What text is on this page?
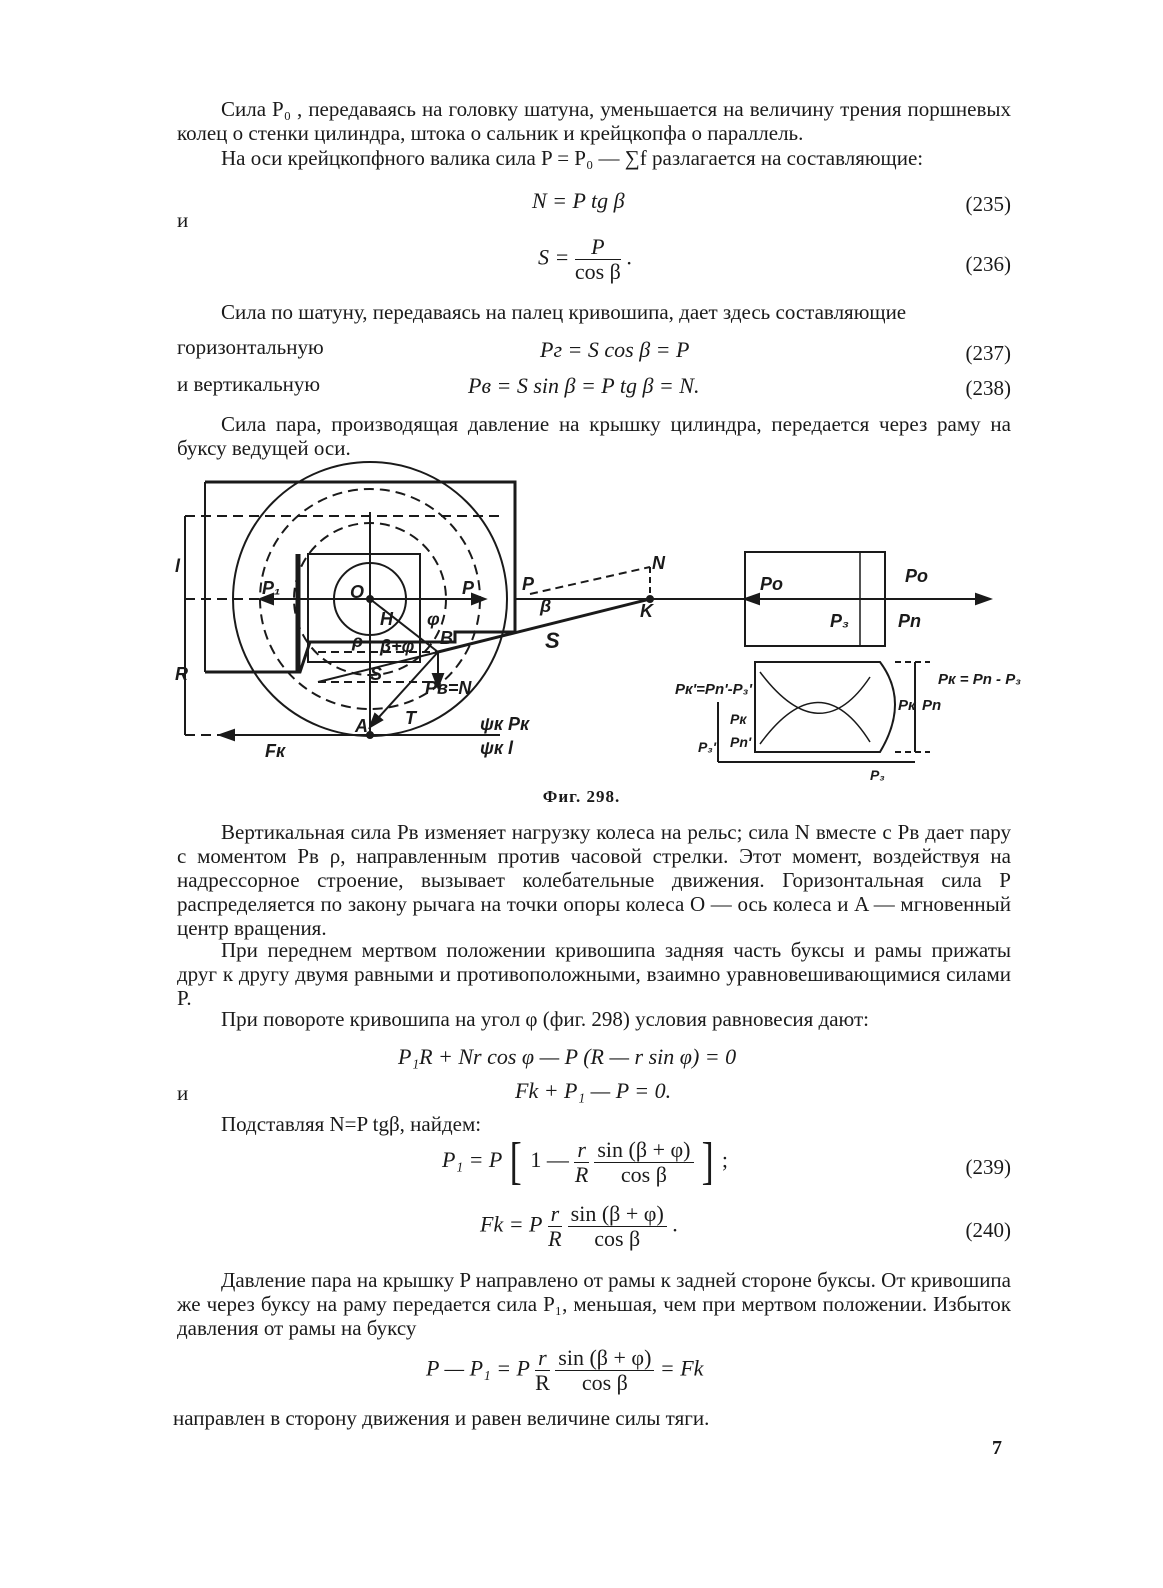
Сила P₀ , передаваясь на головку шатуна, уменьшается на величину трения поршневых колец о стенки цилиндра, штока о сальник и крейцкопфа о параллель.

На оси крейцкопфного валика сила P = P₀ — ∑f разлагается на составляющие:

N = P tg β	(235)
и
$S = \frac{P}{\text{cos β}}$ .	(236)

Сила по шатуну, передаваясь на палец кривошипа, дает здесь составляющие

горизонтальную	Pг = S cos β = P	(237)
и вертикальную	Pв = S sin β = P tg β = N.	(238)

Сила пара, производящая давление на крышку цилиндра, передается через раму на буксу ведущей оси.

l
R
P₁	O	P
H φ
ρ β+φ B
S
Pв=N
T
A
Fк
ψк Pк
ψк l
P
β
N
K
S
Po	Po
P₃	Pn
Pк = Pn - P₃
Pк'=Pn'-P₃'
Pк Pn
Pк
P₃' Pn'
P₃
Фиг. 298.

Вертикальная сила Pв изменяет нагрузку колеса на рельс; сила N вместе с Pв дает пару с моментом Pв ρ, направленным против часовой стрелки. Этот момент, воздействуя на надрессорное строение, вызывает колебательные движения. Горизонтальная сила P распределяется по закону рычага на точки опоры колеса O — ось колеса и A — мгновенный центр вращения.

При переднем мертвом положении кривошипа задняя часть буксы и рамы прижаты друг к другу двумя равными и противоположными, взаимно уравновешивающимися силами P.

При повороте кривошипа на угол φ (фиг. 298) условия равновесия дают:

P₁R + Nr cos φ — P (R — r sin φ) = 0
и	Fk + P₁ — P = 0.

Подставляя N=P tgβ, найдем:

P₁ = P [ 1 — $\frac{r}{R}$
$\frac{\sin (\beta + \varphi)}{\text{cos β}}$ ] ;	(239)
Fk = P $\frac{r}{R}$
$\frac{\sin (\beta + \varphi)}{\text{cos β}}$ .	(240)

Давление пара на крышку P направлено от рамы к задней стороне буксы. От кривошипа же через буксу на раму передается сила P₁, меньшая, чем при мертвом положении. Избыток давления от рамы на буксу

P — P₁ = P $\frac{r}{R}$
$\frac{\sin (\beta + \varphi)}{\text{cos β}} = Fk$

направлен в сторону движения и равен величине силы тяги.

7
